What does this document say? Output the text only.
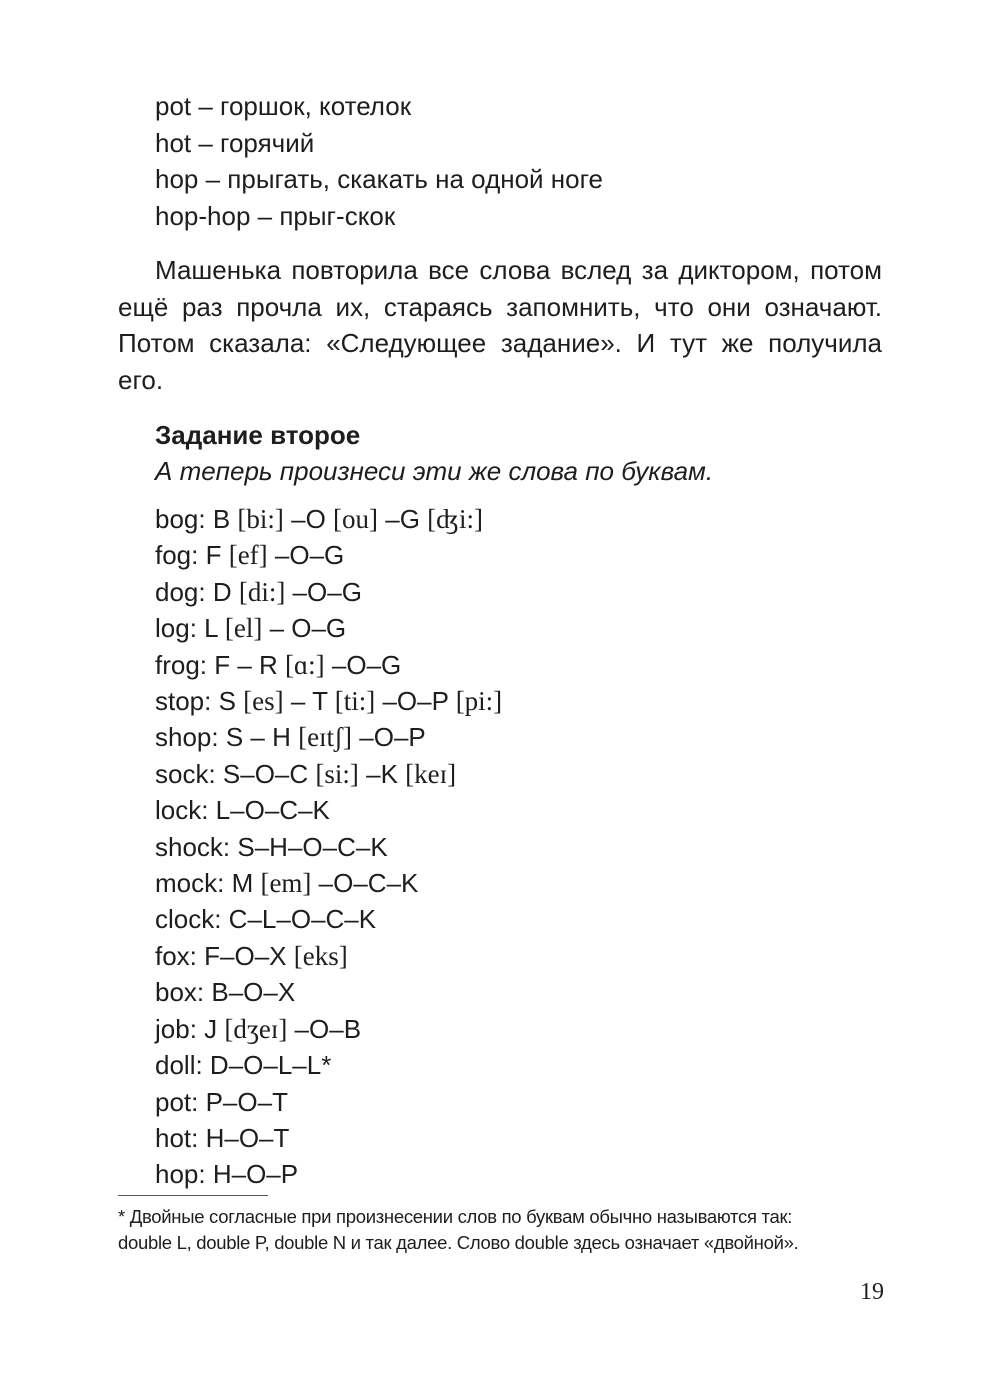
pot – горшок, котелок
hot – горячий
hop – прыгать, скакать на одной ноге
hop-hop – прыг-скок

Машенька повторила все слова вслед за диктором, потом ещё раз прочла их, стараясь запомнить, что они означают. Потом сказала: «Следующее задание». И тут же получила его.

Задание второе

А теперь произнеси эти же слова по буквам.

bog: B [bi:] –O [ou] –G [ʤi:]
fog: F [ef] –O–G
dog: D [di:] –O–G
log: L [el] – O–G
frog: F – R [ɑ:] –O–G
stop: S [es] – T [ti:] –O–P [pi:]
shop: S – H [eɪtʃ] –O–P
sock: S–O–C [si:] –K [keɪ]
lock: L–O–C–K
shock: S–H–O–C–K
mock: M [em] –O–C–K
clock: C–L–O–C–K
fox: F–O–X [eks]
box: B–O–X
job: J [dʒeɪ] –O–B
doll: D–O–L–L*
pot: P–O–T
hot: H–O–T
hop: H–O–P

* Двойные согласные при произнесении слов по буквам обычно называются так:
double L, double P, double N и так далее. Слово double здесь означает «двойной».

19
